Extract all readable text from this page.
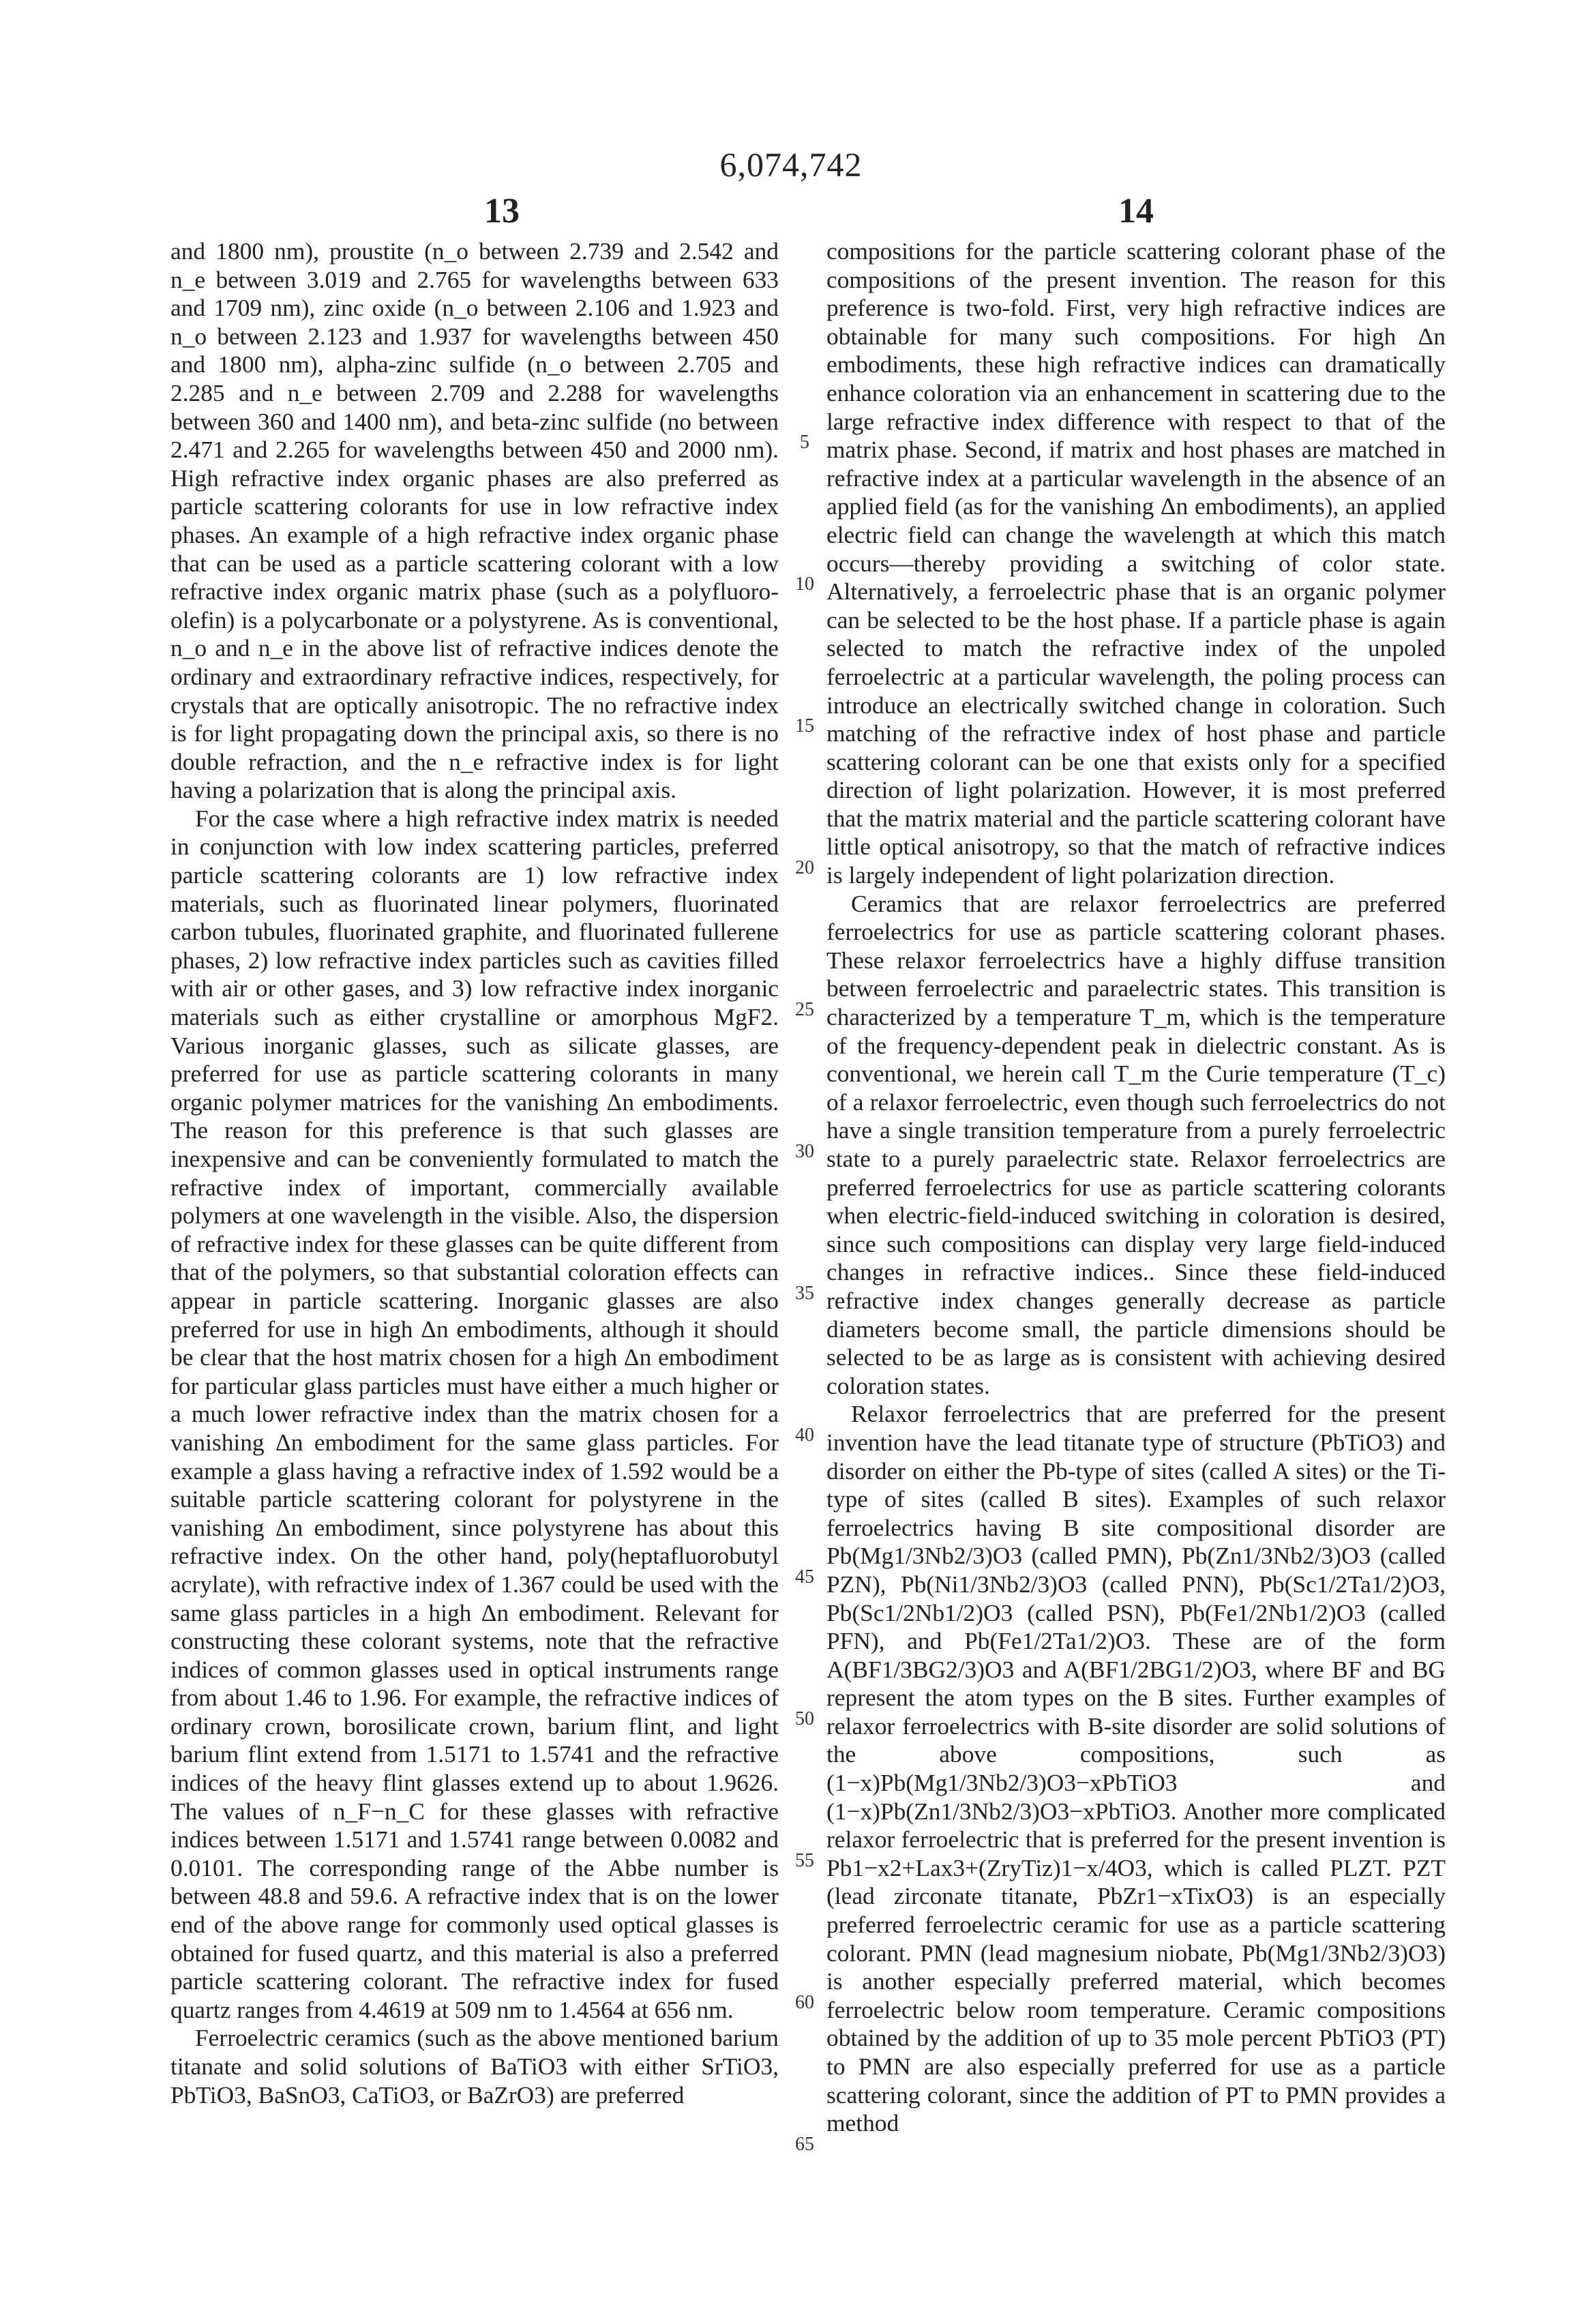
6,074,742
13	14

and 1800 nm), proustite (n_o between 2.739 and 2.542 and n_e between 3.019 and 2.765 for wavelengths between 633 and 1709 nm), zinc oxide (n_o between 2.106 and 1.923 and n_o between 2.123 and 1.937 for wavelengths between 450 and 1800 nm), alpha-zinc sulfide (n_o between 2.705 and 2.285 and n_e between 2.709 and 2.288 for wavelengths between 360 and 1400 nm), and beta-zinc sulfide (no between 2.471 and 2.265 for wavelengths between 450 and 2000 nm). High refractive index organic phases are also preferred as particle scattering colorants for use in low refractive index phases. An example of a high refractive index organic phase that can be used as a particle scattering colorant with a low refractive index organic matrix phase (such as a polyfluoro-olefin) is a polycarbonate or a polystyrene. As is conventional, n_o and n_e in the above list of refractive indices denote the ordinary and extraordinary refractive indices, respectively, for crystals that are optically anisotropic. The no refractive index is for light propagating down the principal axis, so there is no double refraction, and the n_e refractive index is for light having a polarization that is along the principal axis.

For the case where a high refractive index matrix is needed in conjunction with low index scattering particles, preferred particle scattering colorants are 1) low refractive index materials, such as fluorinated linear polymers, fluorinated carbon tubules, fluorinated graphite, and fluorinated fullerene phases, 2) low refractive index particles such as cavities filled with air or other gases, and 3) low refractive index inorganic materials such as either crystalline or amorphous MgF2. Various inorganic glasses, such as silicate glasses, are preferred for use as particle scattering colorants in many organic polymer matrices for the vanishing Δn embodiments. The reason for this preference is that such glasses are inexpensive and can be conveniently formulated to match the refractive index of important, commercially available polymers at one wavelength in the visible. Also, the dispersion of refractive index for these glasses can be quite different from that of the polymers, so that substantial coloration effects can appear in particle scattering. Inorganic glasses are also preferred for use in high Δn embodiments, although it should be clear that the host matrix chosen for a high Δn embodiment for particular glass particles must have either a much higher or a much lower refractive index than the matrix chosen for a vanishing Δn embodiment for the same glass particles. For example a glass having a refractive index of 1.592 would be a suitable particle scattering colorant for polystyrene in the vanishing Δn embodiment, since polystyrene has about this refractive index. On the other hand, poly(heptafluorobutyl acrylate), with refractive index of 1.367 could be used with the same glass particles in a high Δn embodiment. Relevant for constructing these colorant systems, note that the refractive indices of common glasses used in optical instruments range from about 1.46 to 1.96. For example, the refractive indices of ordinary crown, borosilicate crown, barium flint, and light barium flint extend from 1.5171 to 1.5741 and the refractive indices of the heavy flint glasses extend up to about 1.9626. The values of n_F−n_C for these glasses with refractive indices between 1.5171 and 1.5741 range between 0.0082 and 0.0101. The corresponding range of the Abbe number is between 48.8 and 59.6. A refractive index that is on the lower end of the above range for commonly used optical glasses is obtained for fused quartz, and this material is also a preferred particle scattering colorant. The refractive index for fused quartz ranges from 4.4619 at 509 nm to 1.4564 at 656 nm.

Ferroelectric ceramics (such as the above mentioned barium titanate and solid solutions of BaTiO3 with either SrTiO3, PbTiO3, BaSnO3, CaTiO3, or BaZrO3) are preferred

compositions for the particle scattering colorant phase of the compositions of the present invention. The reason for this preference is two-fold. First, very high refractive indices are obtainable for many such compositions. For high Δn embodiments, these high refractive indices can dramatically enhance coloration via an enhancement in scattering due to the large refractive index difference with respect to that of the matrix phase. Second, if matrix and host phases are matched in refractive index at a particular wavelength in the absence of an applied field (as for the vanishing Δn embodiments), an applied electric field can change the wavelength at which this match occurs—thereby providing a switching of color state. Alternatively, a ferroelectric phase that is an organic polymer can be selected to be the host phase. If a particle phase is again selected to match the refractive index of the unpoled ferroelectric at a particular wavelength, the poling process can introduce an electrically switched change in coloration. Such matching of the refractive index of host phase and particle scattering colorant can be one that exists only for a specified direction of light polarization. However, it is most preferred that the matrix material and the particle scattering colorant have little optical anisotropy, so that the match of refractive indices is largely independent of light polarization direction.

Ceramics that are relaxor ferroelectrics are preferred ferroelectrics for use as particle scattering colorant phases. These relaxor ferroelectrics have a highly diffuse transition between ferroelectric and paraelectric states. This transition is characterized by a temperature T_m, which is the temperature of the frequency-dependent peak in dielectric constant. As is conventional, we herein call T_m the Curie temperature (T_c) of a relaxor ferroelectric, even though such ferroelectrics do not have a single transition temperature from a purely ferroelectric state to a purely paraelectric state. Relaxor ferroelectrics are preferred ferroelectrics for use as particle scattering colorants when electric-field-induced switching in coloration is desired, since such compositions can display very large field-induced changes in refractive indices.. Since these field-induced refractive index changes generally decrease as particle diameters become small, the particle dimensions should be selected to be as large as is consistent with achieving desired coloration states.

Relaxor ferroelectrics that are preferred for the present invention have the lead titanate type of structure (PbTiO3) and disorder on either the Pb-type of sites (called A sites) or the Ti-type of sites (called B sites). Examples of such relaxor ferroelectrics having B site compositional disorder are Pb(Mg1/3Nb2/3)O3 (called PMN), Pb(Zn1/3Nb2/3)O3 (called PZN), Pb(Ni1/3Nb2/3)O3 (called PNN), Pb(Sc1/2Ta1/2)O3, Pb(Sc1/2Nb1/2)O3 (called PSN), Pb(Fe1/2Nb1/2)O3 (called PFN), and Pb(Fe1/2Ta1/2)O3. These are of the form A(BF1/3BG2/3)O3 and A(BF1/2BG1/2)O3, where BF and BG represent the atom types on the B sites. Further examples of relaxor ferroelectrics with B-site disorder are solid solutions of the above compositions, such as (1−x)Pb(Mg1/3Nb2/3)O3−xPbTiO3 and (1−x)Pb(Zn1/3Nb2/3)O3−xPbTiO3. Another more complicated relaxor ferroelectric that is preferred for the present invention is Pb1−x2+Lax3+(ZryTiz)1−x/4O3, which is called PLZT. PZT (lead zirconate titanate, PbZr1−xTixO3) is an especially preferred ferroelectric ceramic for use as a particle scattering colorant. PMN (lead magnesium niobate, Pb(Mg1/3Nb2/3)O3) is another especially preferred material, which becomes ferroelectric below room temperature. Ceramic compositions obtained by the addition of up to 35 mole percent PbTiO3 (PT) to PMN are also especially preferred for use as a particle scattering colorant, since the addition of PT to PMN provides a method

5
10
15
20
25
30
35
40
45
50
55
60
65
